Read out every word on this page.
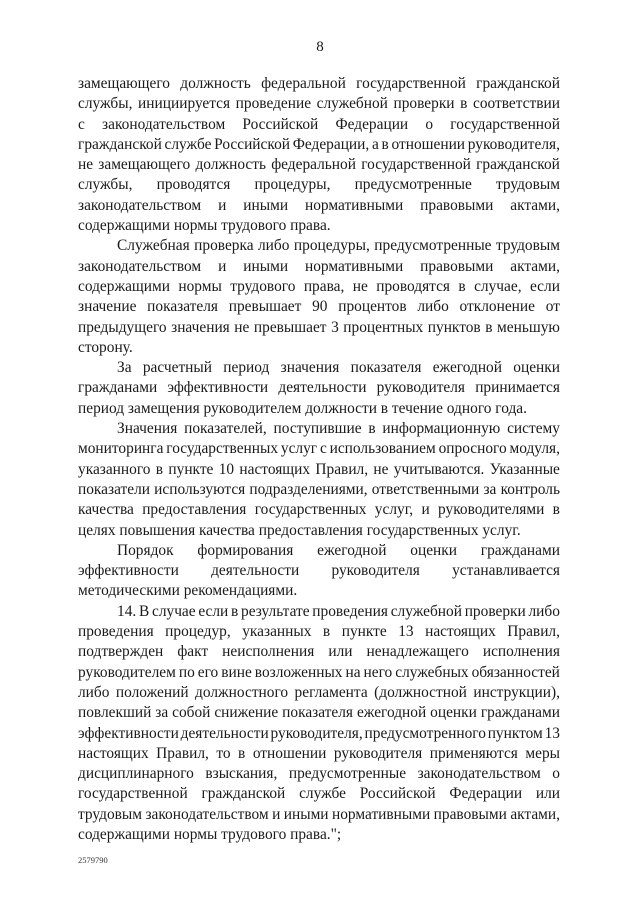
8
замещающего должность федеральной государственной гражданской
службы, инициируется проведение служебной проверки в соответствии
с законодательством Российской Федерации о государственной
гражданской службе Российской Федерации, а в отношении руководителя,
не замещающего должность федеральной государственной гражданской
службы, проводятся процедуры, предусмотренные трудовым
законодательством и иными нормативными правовыми актами,
содержащими нормы трудового права.
Служебная проверка либо процедуры, предусмотренные трудовым
законодательством и иными нормативными правовыми актами,
содержащими нормы трудового права, не проводятся в случае, если
значение показателя превышает 90 процентов либо отклонение от
предыдущего значения не превышает 3 процентных пунктов в меньшую
сторону.
За расчетный период значения показателя ежегодной оценки
гражданами эффективности деятельности руководителя принимается
период замещения руководителем должности в течение одного года.
Значения показателей, поступившие в информационную систему
мониторинга государственных услуг с использованием опросного модуля,
указанного в пункте 10 настоящих Правил, не учитываются. Указанные
показатели используются подразделениями, ответственными за контроль
качества предоставления государственных услуг, и руководителями в
целях повышения качества предоставления государственных услуг.
Порядок формирования ежегодной оценки гражданами
эффективности деятельности руководителя устанавливается
методическими рекомендациями.
14. В случае если в результате проведения служебной проверки либо
проведения процедур, указанных в пункте 13 настоящих Правил,
подтвержден факт неисполнения или ненадлежащего исполнения
руководителем по его вине возложенных на него служебных обязанностей
либо положений должностного регламента (должностной инструкции),
повлекший за собой снижение показателя ежегодной оценки гражданами
эффективности деятельности руководителя, предусмотренного пунктом 13
настоящих Правил, то в отношении руководителя применяются меры
дисциплинарного взыскания, предусмотренные законодательством о
государственной гражданской службе Российской Федерации или
трудовым законодательством и иными нормативными правовыми актами,
содержащими нормы трудового права.";
2579790
